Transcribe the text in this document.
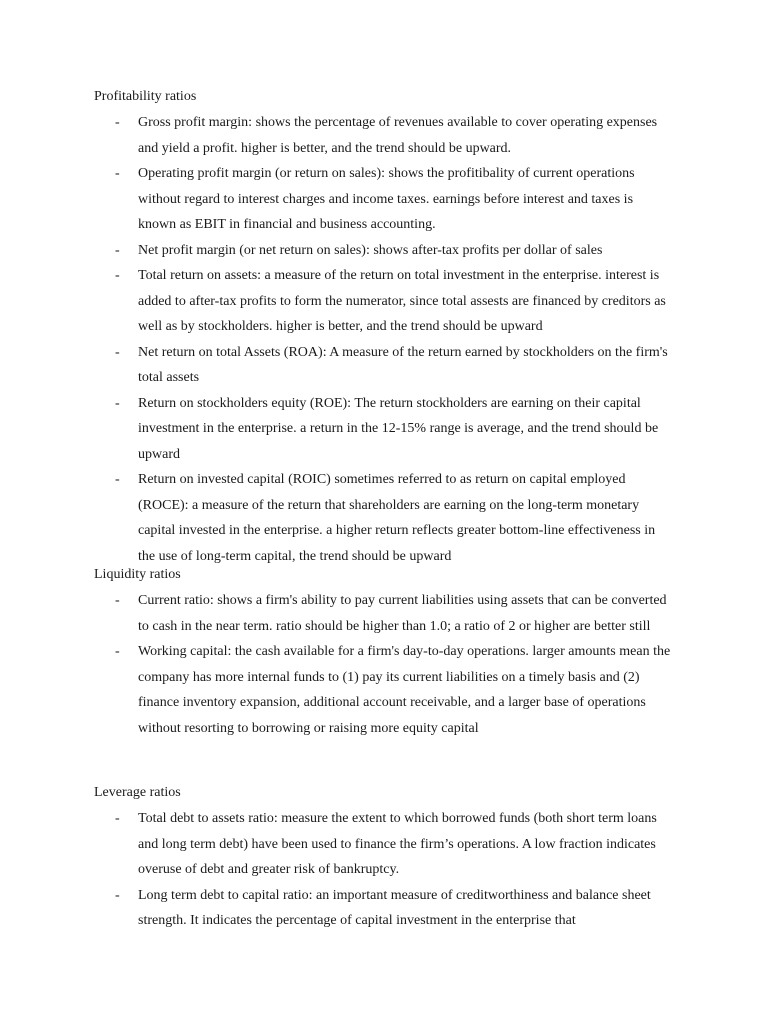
Profitability ratios
- Gross profit margin: shows the percentage of revenues available to cover operating expenses and yield a profit. higher is better, and the trend should be upward.
- Operating profit margin (or return on sales): shows the profitibality of current operations without regard to interest charges and income taxes. earnings before interest and taxes is known as EBIT in financial and business accounting.
- Net profit margin (or net return on sales): shows after-tax profits per dollar of sales
- Total return on assets: a measure of the return on total investment in the enterprise. interest is added to after-tax profits to form the numerator, since total assests are financed by creditors as well as by stockholders. higher is better, and the trend should be upward
- Net return on total Assets (ROA): A measure of the return earned by stockholders on the firm's total assets
- Return on stockholders equity (ROE): The return stockholders are earning on their capital investment in the enterprise. a return in the 12-15% range is average, and the trend should be upward
- Return on invested capital (ROIC) sometimes referred to as return on capital employed (ROCE): a measure of the return that shareholders are earning on the long-term monetary capital invested in the enterprise. a higher return reflects greater bottom-line effectiveness in the use of long-term capital, the trend should be upward
Liquidity ratios
- Current ratio: shows a firm's ability to pay current liabilities using assets that can be converted to cash in the near term. ratio should be higher than 1.0; a ratio of 2 or higher are better still
- Working capital: the cash available for a firm's day-to-day operations. larger amounts mean the company has more internal funds to (1) pay its current liabilities on a timely basis and (2) finance inventory expansion, additional account receivable, and a larger base of operations without resorting to borrowing or raising more equity capital
Leverage ratios
- Total debt to assets ratio: measure the extent to which borrowed funds (both short term loans and long term debt) have been used to finance the firm’s operations. A low fraction indicates overuse of debt and greater risk of bankruptcy.
- Long term debt to capital ratio: an important measure of creditworthiness and balance sheet strength. It indicates the percentage of capital investment in the enterprise that
